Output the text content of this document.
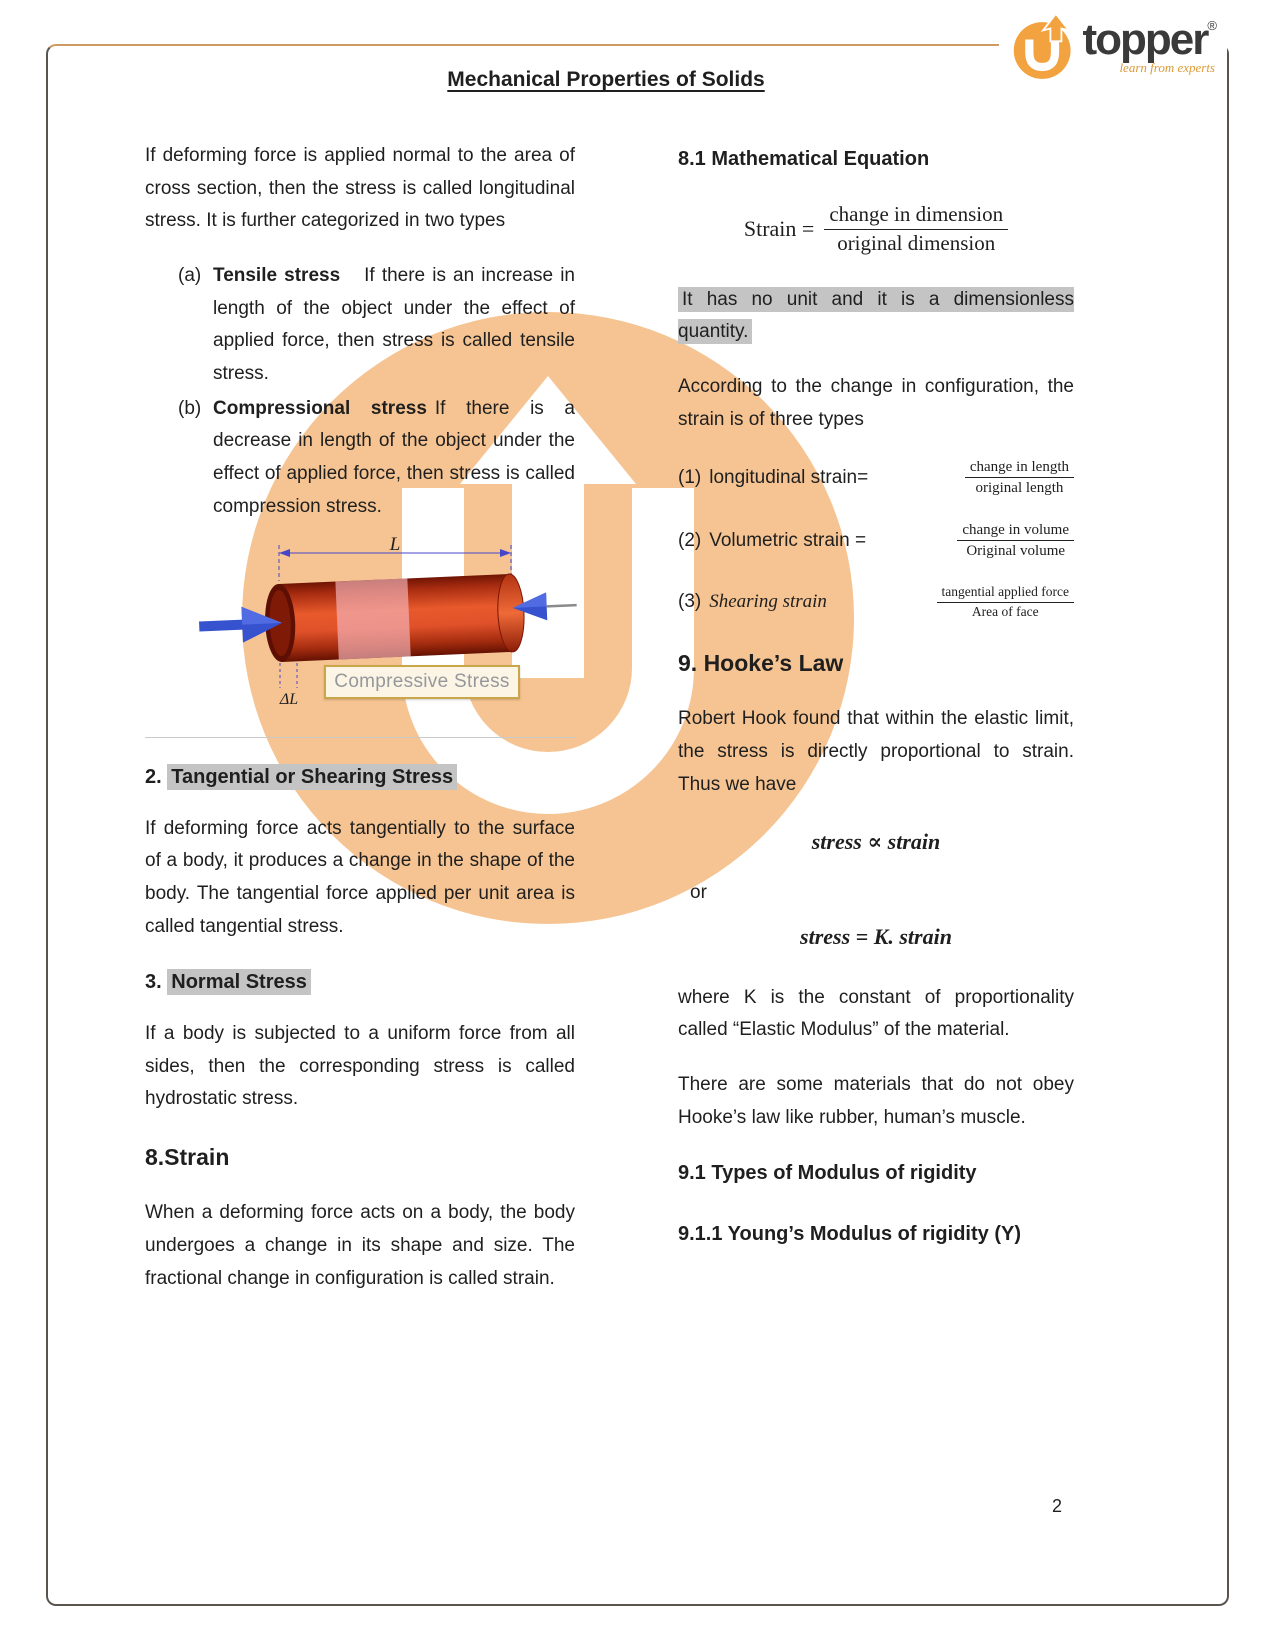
topper®
learn from experts
Mechanical Properties of Solids

If deforming force is applied normal to the area of cross section, then the stress is called longitudinal stress. It is further categorized in two types

(a) Tensile stress If there is an increase in length of the object under the effect of applied force, then stress is called tensile stress.
(b) Compressional stress If there is a decrease in length of the object under the effect of applied force, then stress is called compression stress.
L
ΔL
Compressive Stress
2. Tangential or Shearing Stress

If deforming force acts tangentially to the surface of a body, it produces a change in the shape of the body. The tangential force applied per unit area is called tangential stress.

3. Normal Stress

If a body is subjected to a uniform force from all sides, then the corresponding stress is called hydrostatic stress.

8.Strain

When a deforming force acts on a body, the body undergoes a change in its shape and size. The fractional change in configuration is called strain.

8.1 Mathematical Equation
Strain = $\frac{\text{change in dimension}}{\text{original dimension}}$

It has no unit and it is a dimensionless quantity.

According to the change in configuration, the strain is of three types

(1) longitudinal strain=	$\frac{\text{change in length}}{\text{original length}}$
(2) Volumetric strain =	$\frac{\text{change in volume}}{\text{Original volume}}$
(3) Shearing strain	$\frac{\text{tangential applied force}}{\text{Area of face}}$
9. Hooke’s Law

Robert Hook found that within the elastic limit, the stress is directly proportional to strain. Thus we have

stress ∝ strain
or
stress = K. strain

where K is the constant of proportionality called “Elastic Modulus” of the material.

There are some materials that do not obey Hooke’s law like rubber, human’s muscle.

9.1 Types of Modulus of rigidity
9.1.1 Young’s Modulus of rigidity (Y)
2
